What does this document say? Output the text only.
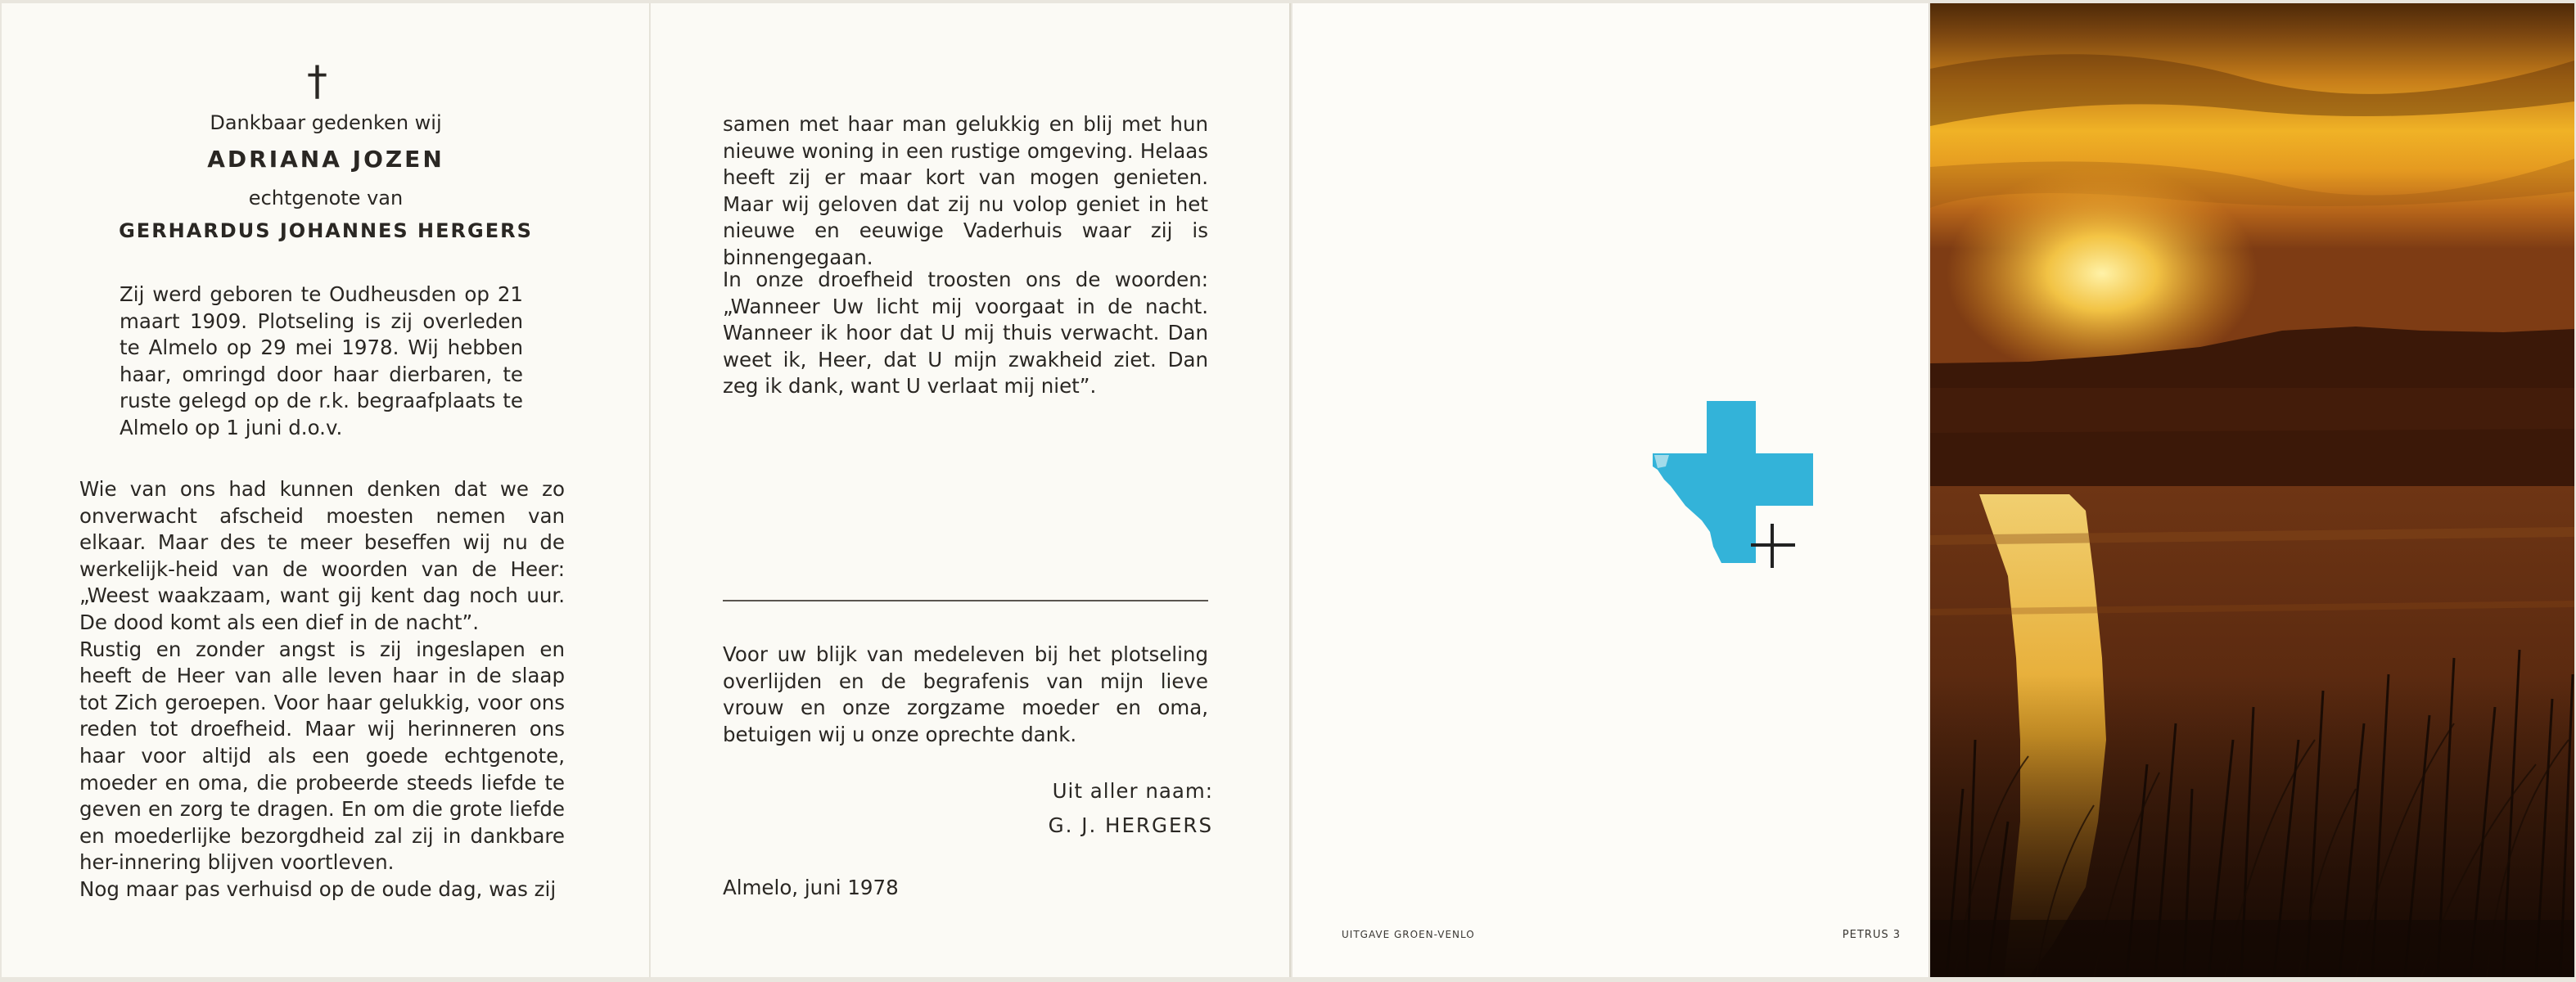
†
Dankbaar gedenken wij
ADRIANA JOZEN
echtgenote van
GERHARDUS JOHANNES HERGERS

Zij werd geboren te Oudheusden op 21 maart 1909. Plotseling is zij overleden te Almelo op 29 mei 1978. Wij hebben haar, omringd door haar dierbaren, te ruste gelegd op de r.k. begraafplaats te Almelo op 1 juni d.o.v.

Wie van ons had kunnen denken dat we zo onverwacht afscheid moesten nemen van elkaar. Maar des te meer beseffen wij nu de werkelijk-heid van de woorden van de Heer: „Weest waakzaam, want gij kent dag noch uur. De dood komt als een dief in de nacht”.
Rustig en zonder angst is zij ingeslapen en heeft de Heer van alle leven haar in de slaap tot Zich geroepen. Voor haar gelukkig, voor ons reden tot droefheid. Maar wij herinneren ons haar voor altijd als een goede echtgenote, moeder en oma, die probeerde steeds liefde te geven en zorg te dragen. En om die grote liefde en moederlijke bezorgdheid zal zij in dankbare her-innering blijven voortleven.
Nog maar pas verhuisd op de oude dag, was zij

samen met haar man gelukkig en blij met hun nieuwe woning in een rustige omgeving. Helaas heeft zij er maar kort van mogen genieten. Maar wij geloven dat zij nu volop geniet in het nieuwe en eeuwige Vaderhuis waar zij is binnengegaan.

In onze droefheid troosten ons de woorden: „Wanneer Uw licht mij voorgaat in de nacht. Wanneer ik hoor dat U mij thuis verwacht. Dan weet ik, Heer, dat U mijn zwakheid ziet. Dan zeg ik dank, want U verlaat mij niet”.

Voor uw blijk van medeleven bij het plotseling overlijden en de begrafenis van mijn lieve vrouw en onze zorgzame moeder en oma, betuigen wij u onze oprechte dank.

Uit aller naam:

G. J. HERGERS

Almelo, juni 1978

UITGAVE GROEN-VENLO	PETRUS 3
